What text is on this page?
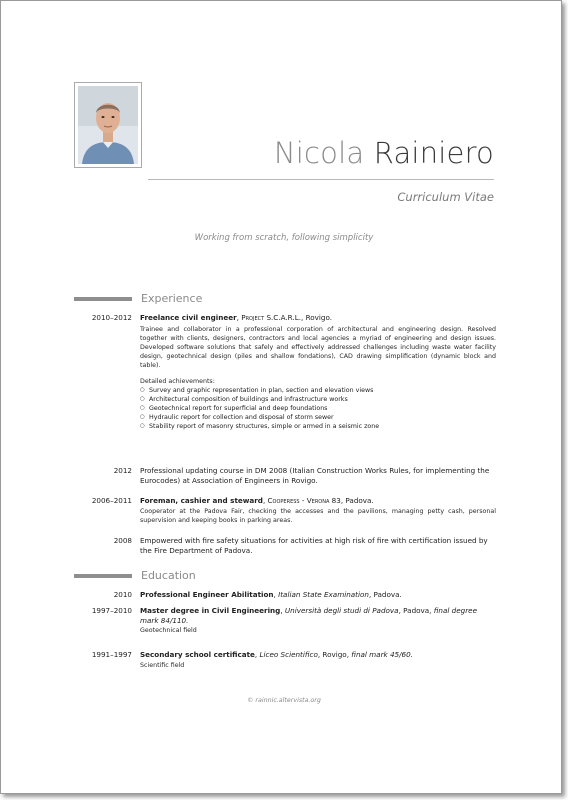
Nicola Rainiero
Curriculum Vitae
Working from scratch, following simplicity
Experience
2010–2012 Freelance civil engineer, Project S.C.A.R.L., Rovigo.
Trainee and collaborator in a professional corporation of architectural and engineering design. Resolved together with clients, designers, contractors and local agencies a myriad of engineering and design issues. Developed software solutions that safely and effectively addressed challenges including waste water facility design, geotechnical design (piles and shallow fondations), CAD drawing simplification (dynamic block and table).
Detailed achievements:
○ Survey and graphic representation in plan, section and elevation views
○ Architectural composition of buildings and infrastructure works
○ Geotechnical report for superficial and deep foundations
○ Hydraulic report for collection and disposal of storm sewer
○ Stability report of masonry structures, simple or armed in a seismic zone
2012 Professional updating course in DM 2008 (Italian Construction Works Rules, for implementing the Eurocodes) at Association of Engineers in Rovigo.
2006–2011 Foreman, cashier and steward, Cooperess - Verona 83, Padova.
Cooperator at the Padova Fair, checking the accesses and the pavilions, managing petty cash, personal supervision and keeping books in parking areas.
2008 Empowered with fire safety situations for activities at high risk of fire with certification issued by the Fire Department of Padova.
Education
2010 Professional Engineer Abilitation, Italian State Examination, Padova.
1997–2010 Master degree in Civil Engineering, Università degli studi di Padova, Padova, final degree mark 84/110.
Geotechnical field
1991–1997 Secondary school certificate, Liceo Scientifico, Rovigo, final mark 45/60.
Scientific field
© rainnic.altervista.org
